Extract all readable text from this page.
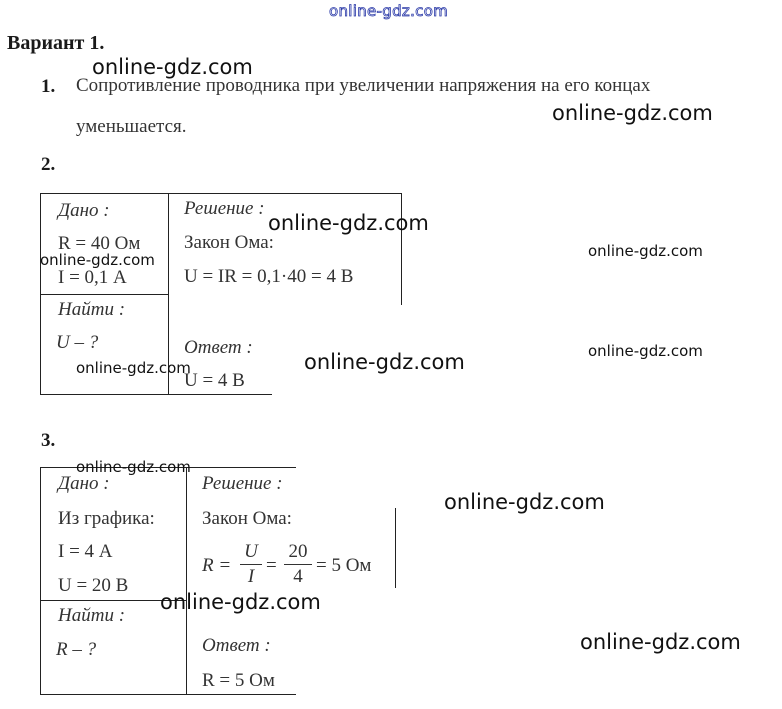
online-gdz.com
Вариант 1.
1. Сопротивление проводника при увеличении напряжения на его концах
уменьшается.
2.
Дано :
R = 40 Ом
I = 0,1 А
Найти :
U – ?
Решение :
Закон Ома:
U = IR = 0,1·40 = 4 В
Ответ :
U = 4 В
3.
Дано :
Из графика:
I = 4 А
U = 20 В
Найти :
R – ?
Решение :
Закон Ома:
R =
U
I
=
20
4
= 5 Ом
Ответ :
R = 5 Ом
online-gdz.com
online-gdz.com
online-gdz.com
online-gdz.com
online-gdz.com
online-gdz.com
online-gdz.com
online-gdz.com
online-gdz.com
online-gdz.com
online-gdz.com
online-gdz.com
